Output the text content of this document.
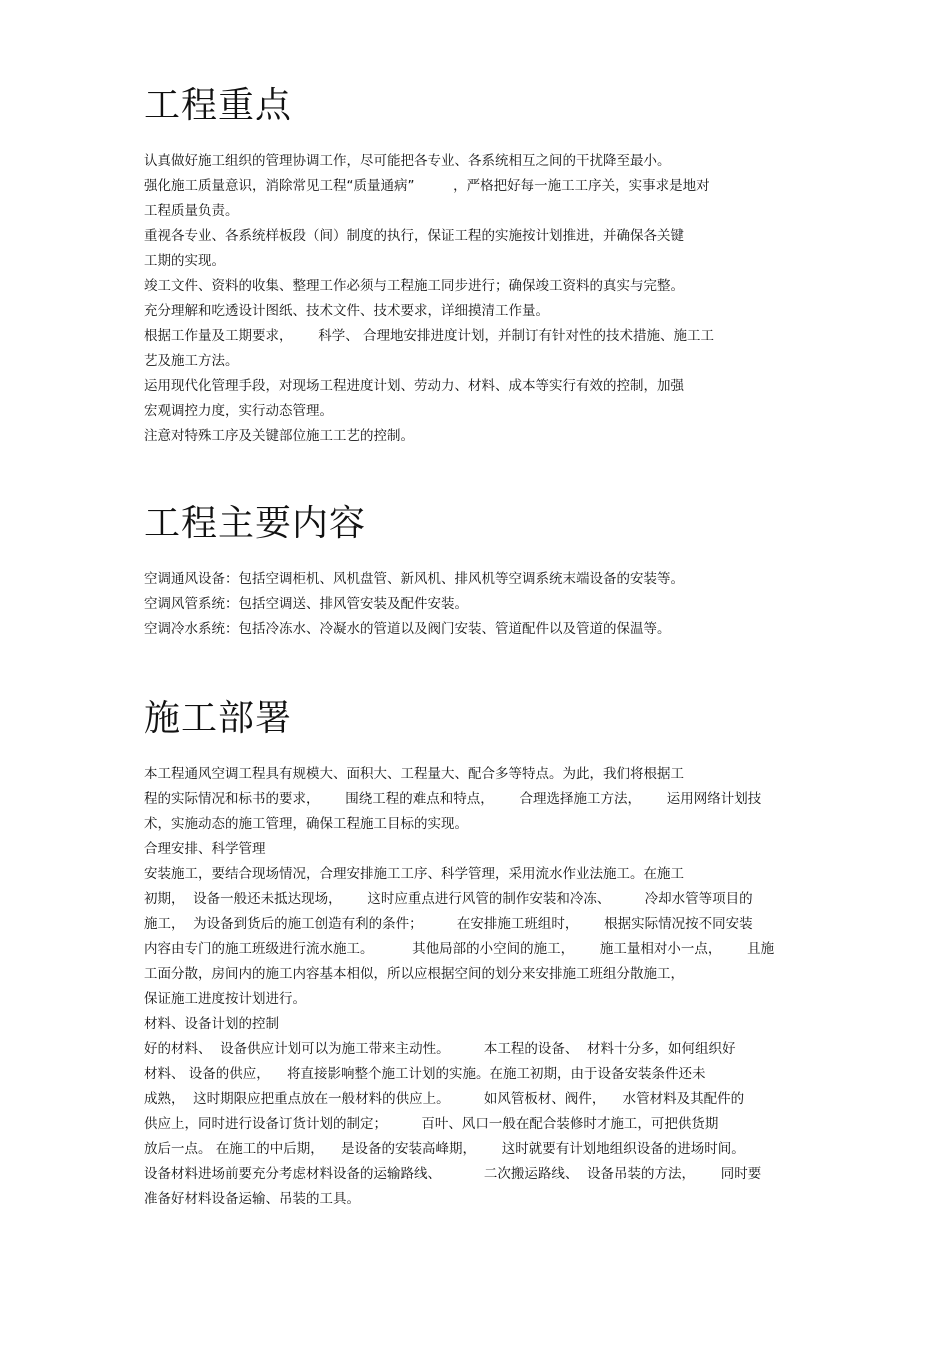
工程重点
认真做好施工组织的管理协调工作，尽可能把各专业、各系统相互之间的干扰降至最小。
强化施工质量意识，消除常见工程“质量通病”         ，严格把好每一施工工序关，实事求是地对
工程质量负责。
重视各专业、各系统样板段（间）制度的执行，保证工程的实施按计划推进，并确保各关键
工期的实现。
竣工文件、资料的收集、整理工作必须与工程施工同步进行；确保竣工资料的真实与完整。
充分理解和吃透设计图纸、技术文件、技术要求，详细摸清工作量。
根据工作量及工期要求，      科学、 合理地安排进度计划，并制订有针对性的技术措施、施工工
艺及施工方法。
运用现代化管理手段，对现场工程进度计划、劳动力、材料、成本等实行有效的控制，加强
宏观调控力度，实行动态管理。
注意对特殊工序及关键部位施工工艺的控制。
工程主要内容
空调通风设备：包括空调柜机、风机盘管、新风机、排风机等空调系统末端设备的安装等。
空调风管系统：包括空调送、排风管安装及配件安装。
空调冷水系统：包括冷冻水、冷凝水的管道以及阀门安装、管道配件以及管道的保温等。
施工部署
本工程通风空调工程具有规模大、面积大、工程量大、配合多等特点。为此，我们将根据工
程的实际情况和标书的要求，      围绕工程的难点和特点，      合理选择施工方法，      运用网络计划技
术，实施动态的施工管理，确保工程施工目标的实现。
合理安排、科学管理
安装施工，要结合现场情况，合理安排施工工序、科学管理，采用流水作业法施工。在施工
初期，  设备一般还未抵达现场，      这时应重点进行风管的制作安装和冷冻、        冷却水管等项目的
施工，  为设备到货后的施工创造有利的条件；        在安排施工班组时，      根据实际情况按不同安装
内容由专门的施工班级进行流水施工。         其他局部的小空间的施工，      施工量相对小一点，      且施
工面分散，房间内的施工内容基本相似，所以应根据空间的划分来安排施工班组分散施工，
保证施工进度按计划进行。
材料、设备计划的控制
好的材料、  设备供应计划可以为施工带来主动性。        本工程的设备、  材料十分多，如何组织好
材料、 设备的供应，    将直接影响整个施工计划的实施。在施工初期，由于设备安装条件还未
成熟，  这时期限应把重点放在一般材料的供应上。        如风管板材、阀件，    水管材料及其配件的
供应上，同时进行设备订货计划的制定；        百叶、风口一般在配合装修时才施工，可把供货期
放后一点。 在施工的中后期，    是设备的安装高峰期，      这时就要有计划地组织设备的进场时间。
设备材料进场前要充分考虑材料设备的运输路线、          二次搬运路线、  设备吊装的方法，      同时要
准备好材料设备运输、吊装的工具。
